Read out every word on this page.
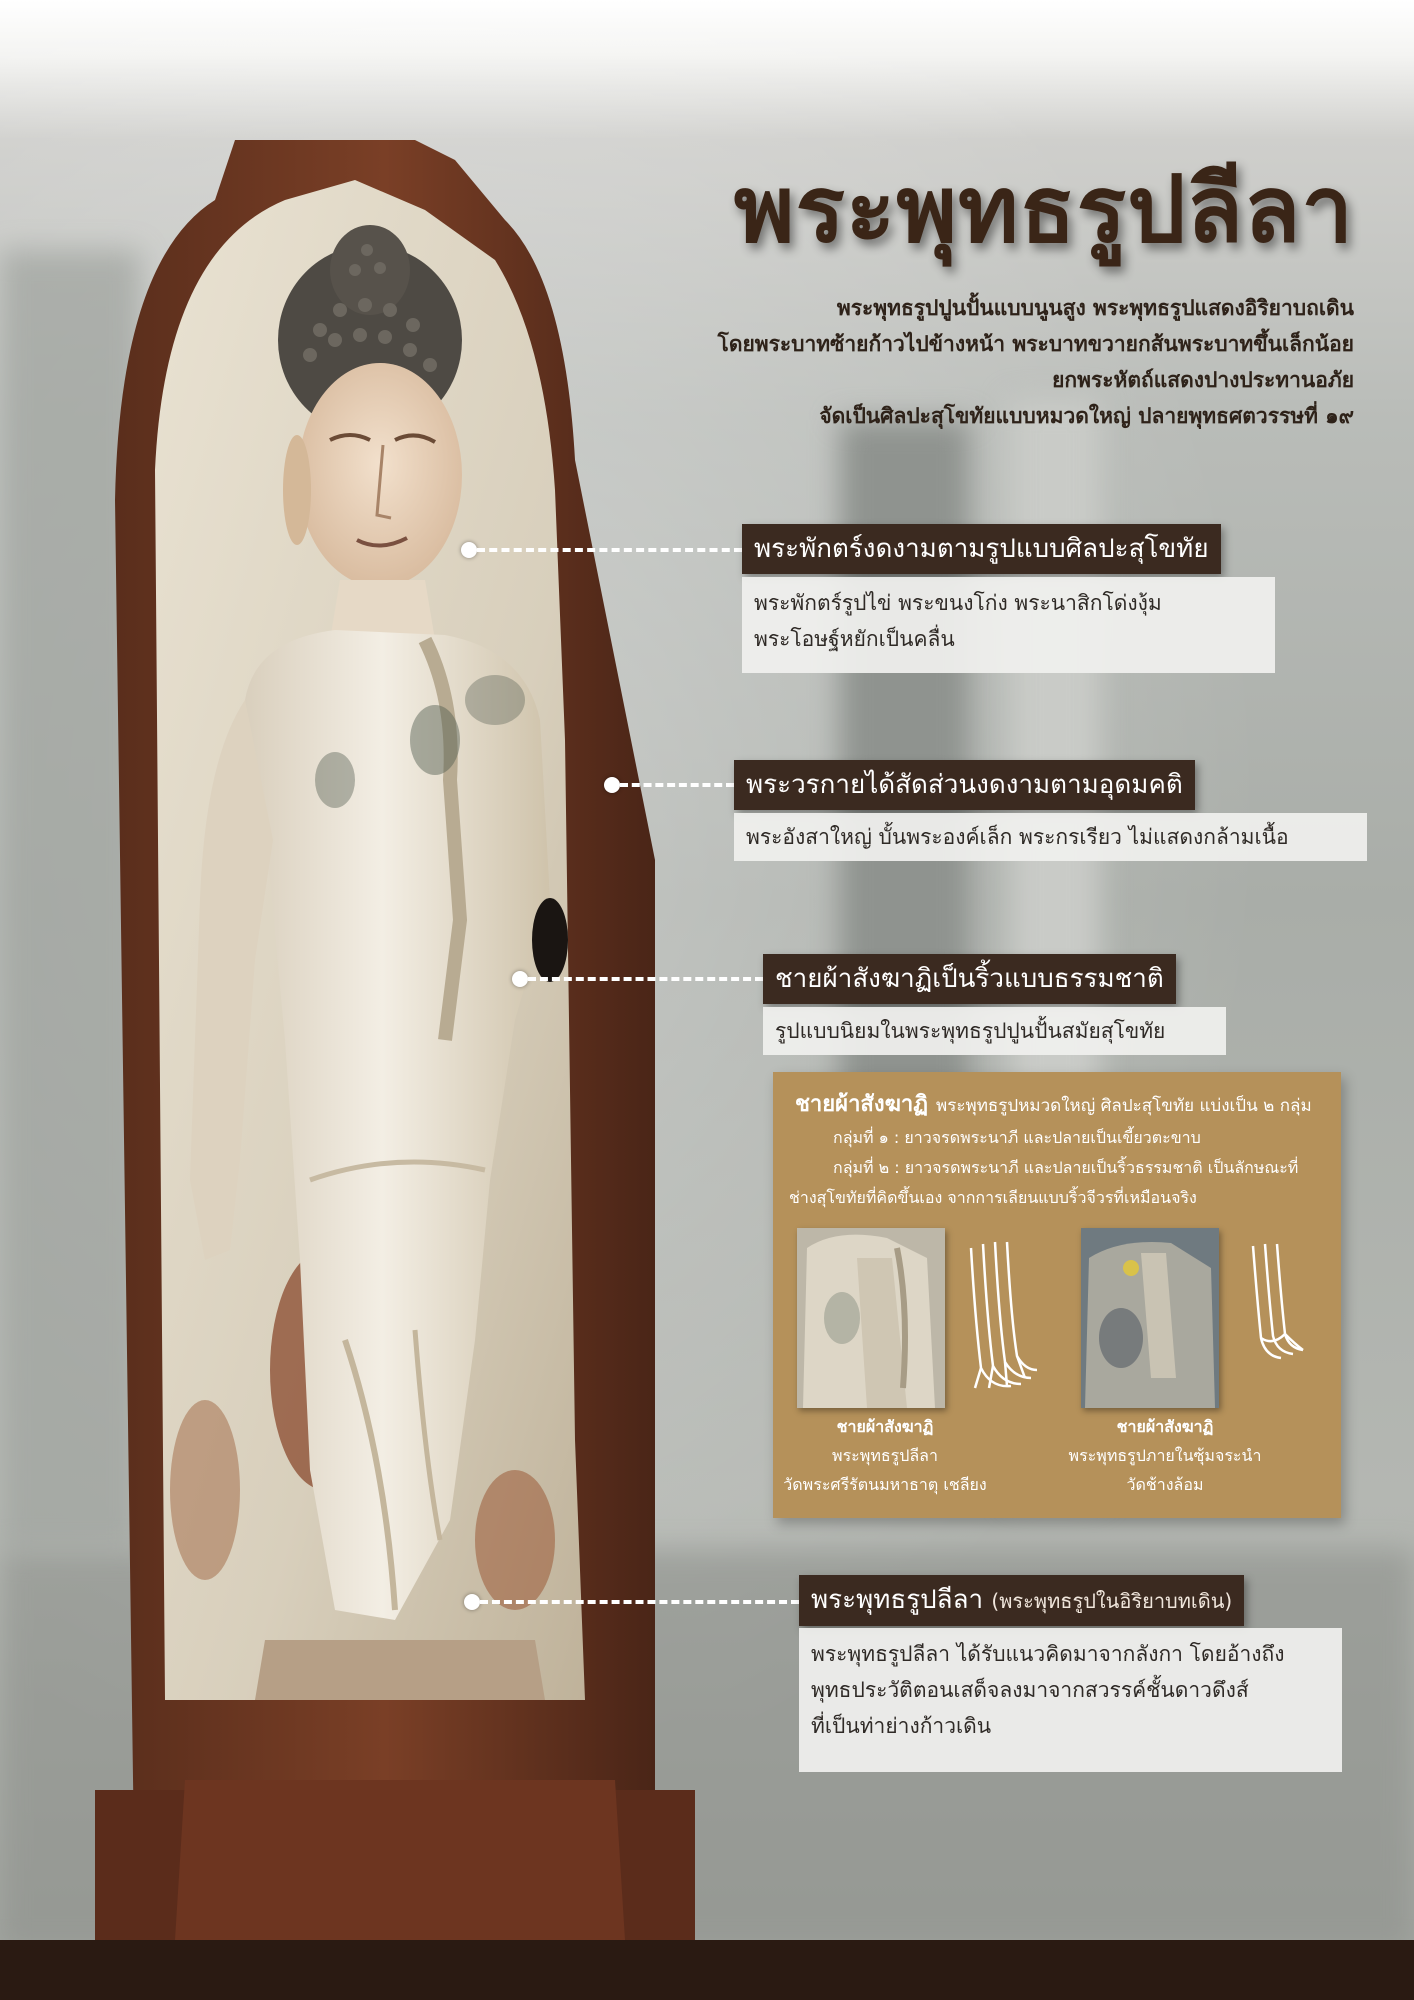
พระพุทธรูปลีลา
พระพุทธรูปปูนปั้นแบบนูนสูง พระพุทธรูปแสดงอิริยาบถเดิน
โดยพระบาทซ้ายก้าวไปข้างหน้า พระบาทขวายกส้นพระบาทขึ้นเล็กน้อย
ยกพระหัตถ์แสดงปางประทานอภัย
จัดเป็นศิลปะสุโขทัยแบบหมวดใหญ่ ปลายพุทธศตวรรษที่ ๑๙
พระพักตร์งดงามตามรูปแบบศิลปะสุโขทัย
พระพักตร์รูปไข่ พระขนงโก่ง พระนาสิกโด่งงุ้ม
พระโอษฐ์หยักเป็นคลื่น
พระวรกายได้สัดส่วนงดงามตามอุดมคติ
พระอังสาใหญ่ บั้นพระองค์เล็ก พระกรเรียว ไม่แสดงกล้ามเนื้อ
ชายผ้าสังฆาฏิเป็นริ้วแบบธรรมชาติ
รูปแบบนิยมในพระพุทธรูปปูนปั้นสมัยสุโขทัย
ชายผ้าสังฆาฏิ พระพุทธรูปหมวดใหญ่ ศิลปะสุโขทัย แบ่งเป็น ๒ กลุ่ม
กลุ่มที่ ๑ : ยาวจรดพระนาภี และปลายเป็นเขี้ยวตะขาบ
กลุ่มที่ ๒ : ยาวจรดพระนาภี และปลายเป็นริ้วธรรมชาติ เป็นลักษณะที่
ช่างสุโขทัยที่คิดขึ้นเอง จากการเลียนแบบริ้วจีวรที่เหมือนจริง
ชายผ้าสังฆาฏิ
พระพุทธรูปลีลา
วัดพระศรีรัตนมหาธาตุ เชลียง
ชายผ้าสังฆาฏิ
พระพุทธรูปภายในซุ้มจระนำ
วัดช้างล้อม
พระพุทธรูปลีลา (พระพุทธรูปในอิริยาบทเดิน)
พระพุทธรูปลีลา ได้รับแนวคิดมาจากลังกา โดยอ้างถึง
พุทธประวัติตอนเสด็จลงมาจากสวรรค์ชั้นดาวดึงส์
ที่เป็นท่าย่างก้าวเดิน
